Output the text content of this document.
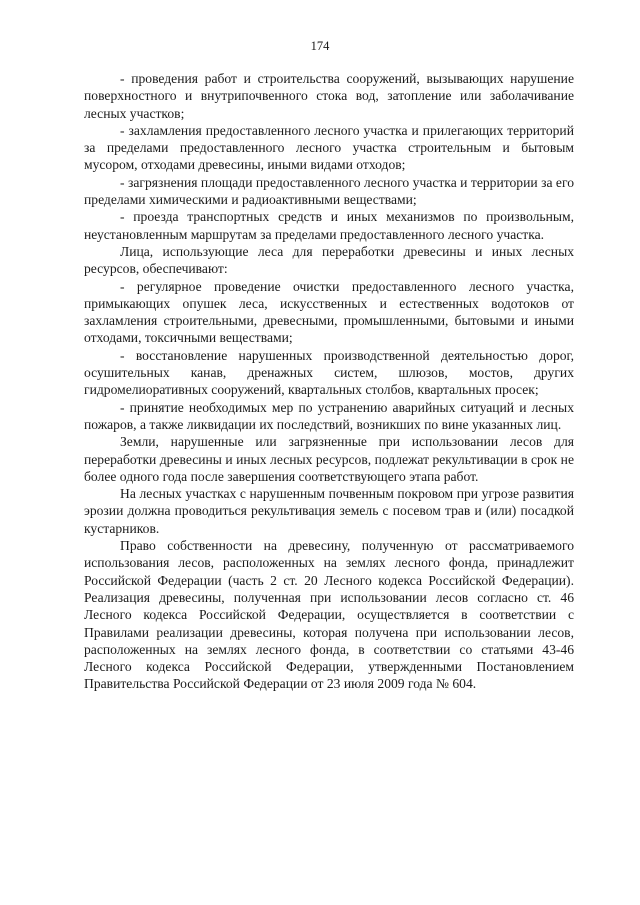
174

- проведения работ и строительства сооружений, вызывающих нарушение поверхностного и внутрипочвенного стока вод, затопление или заболачивание лесных участков;

- захламления предоставленного лесного участка и прилегающих территорий за пределами предоставленного лесного участка строительным и бытовым мусором, отходами древесины, иными видами отходов;

- загрязнения площади предоставленного лесного участка и территории за его пределами химическими и радиоактивными веществами;

- проезда транспортных средств и иных механизмов по произвольным, неустановленным маршрутам за пределами предоставленного лесного участка.

Лица, использующие леса для переработки древесины и иных лесных ресурсов, обеспечивают:

- регулярное проведение очистки предоставленного лесного участка, примыкающих опушек леса, искусственных и естественных водотоков от захламления строительными, древесными, промышленными, бытовыми и иными отходами, токсичными веществами;

- восстановление нарушенных производственной деятельностью дорог, осушительных канав, дренажных систем, шлюзов, мостов, других гидромелиоративных сооружений, квартальных столбов, квартальных просек;

- принятие необходимых мер по устранению аварийных ситуаций и лесных пожаров, а также ликвидации их последствий, возникших по вине указанных лиц.

Земли, нарушенные или загрязненные при использовании лесов для переработки древесины и иных лесных ресурсов, подлежат рекультивации в срок не более одного года после завершения соответствующего этапа работ.

На лесных участках с нарушенным почвенным покровом при угрозе развития эрозии должна проводиться рекультивация земель с посевом трав и (или) посадкой кустарников.

Право собственности на древесину, полученную от рассматриваемого использования лесов, расположенных на землях лесного фонда, принадлежит Российской Федерации (часть 2 ст. 20 Лесного кодекса Российской Федерации). Реализация древесины, полученная при использовании лесов согласно ст. 46 Лесного кодекса Российской Федерации, осуществляется в соответствии с Правилами реализации древесины, которая получена при использовании лесов, расположенных на землях лесного фонда, в соответствии со статьями 43-46 Лесного кодекса Российской Федерации, утвержденными Постановлением Правительства Российской Федерации от 23 июля 2009 года № 604.
